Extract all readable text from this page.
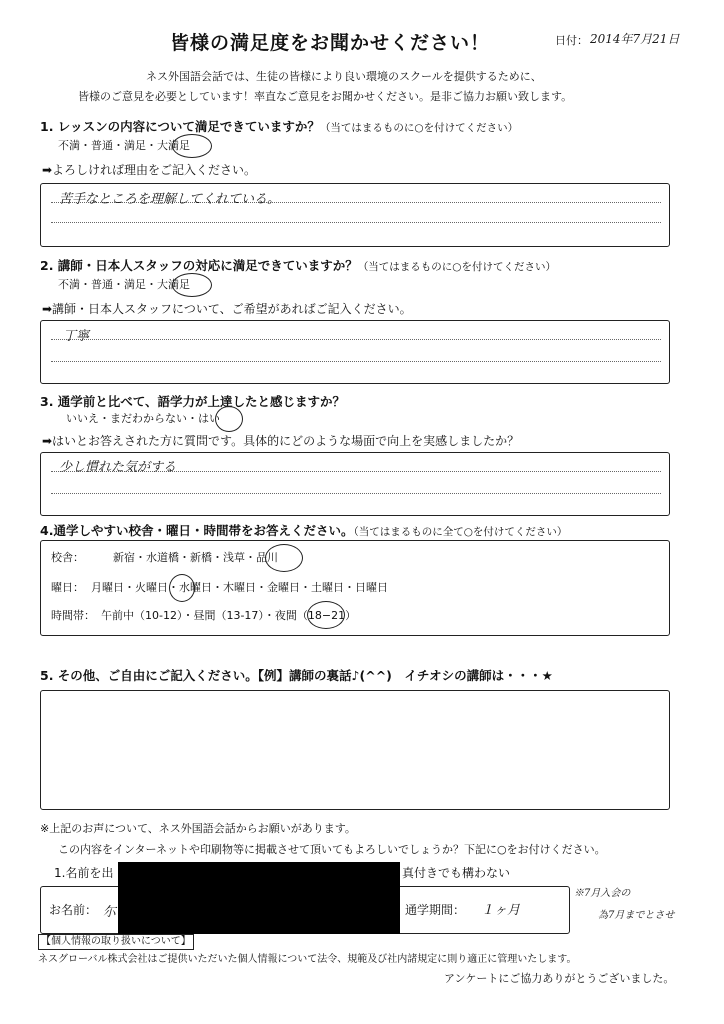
皆様の満足度をお聞かせください！	日付： 2014年7月21日
ネス外国語会話では、生徒の皆様により良い環境のスクールを提供するために、
皆様のご意見を必要としています！率直なご意見をお聞かせください。是非ご協力お願い致します。
1. レッスンの内容について満足できていますか？（当てはまるものに○を付けてください）
不満・普通・満足・大満足
➡よろしければ理由をご記入ください。
苦手なところを理解してくれている。
2. 講師・日本人スタッフの対応に満足できていますか？（当てはまるものに○を付けてください）
不満・普通・満足・大満足
➡講師・日本人スタッフについて、ご希望があればご記入ください。
丁寧
3. 通学前と比べて、語学力が上達したと感じますか？
いいえ・まだわからない・はい
➡はいとお答えされた方に質問です。具体的にどのような場面で向上を実感しましたか？
少し慣れた気がする
4.通学しやすい校舎・曜日・時間帯をお答えください。（当てはまるものに全て○を付けてください）
校舎：	新宿・水道橋・新橋・浅草・品川
曜日： 月曜日・火曜日・水曜日・木曜日・金曜日・土曜日・日曜日
時間帯： 午前中（10-12）・昼間（13-17）・夜間（18−21）
5. その他、ご自由にご記入ください。【例】講師の裏話♪(^^)　イチオシの講師は・・・★
※上記のお声について、ネス外国語会話からお願いがあります。
この内容をインターネットや印刷物等に掲載させて頂いてもよろしいでしょうか？下記に○をお付けください。
1.名前を出	真付きでも構わない
お名前： 尓	通学期間： １ヶ月
※7月入会の
為7月までとさせ
【個人情報の取り扱いについて】
ネスグローバル株式会社はご提供いただいた個人情報について法令、規範及び社内諸規定に則り適正に管理いたします。
アンケートにご協力ありがとうございました。
